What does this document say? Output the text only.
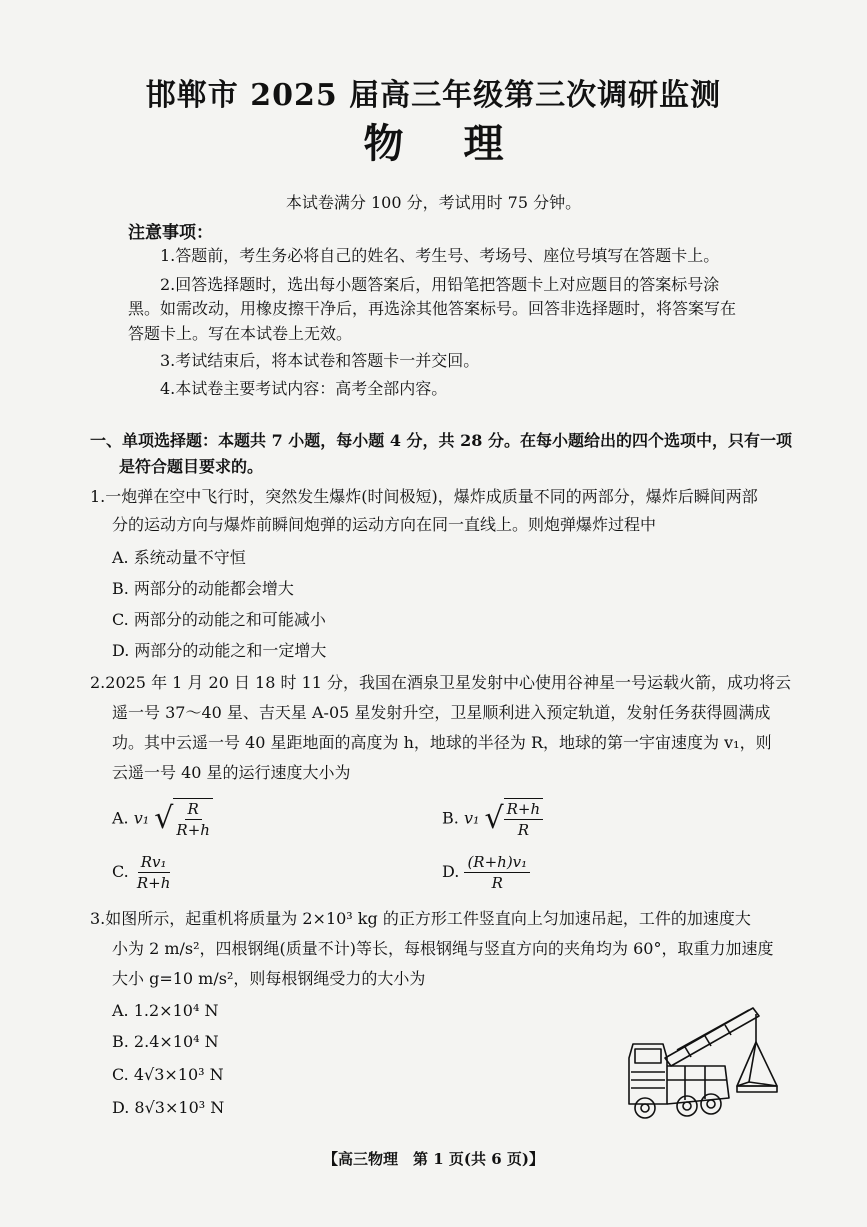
邯郸市 2025 届高三年级第三次调研监测
物理
本试卷满分 100 分，考试用时 75 分钟。
注意事项：
1.答题前，考生务必将自己的姓名、考生号、考场号、座位号填写在答题卡上。
2.回答选择题时，选出每小题答案后，用铅笔把答题卡上对应题目的答案标号涂
黑。如需改动，用橡皮擦干净后，再选涂其他答案标号。回答非选择题时，将答案写在
答题卡上。写在本试卷上无效。
3.考试结束后，将本试卷和答题卡一并交回。
4.本试卷主要考试内容：高考全部内容。
一、单项选择题：本题共 7 小题，每小题 4 分，共 28 分。在每小题给出的四个选项中，只有一项
是符合题目要求的。
1.一炮弹在空中飞行时，突然发生爆炸(时间极短)，爆炸成质量不同的两部分，爆炸后瞬间两部
分的运动方向与爆炸前瞬间炮弹的运动方向在同一直线上。则炮弹爆炸过程中
A. 系统动量不守恒
B. 两部分的动能都会增大
C. 两部分的动能之和可能减小
D. 两部分的动能之和一定增大
2.2025 年 1 月 20 日 18 时 11 分，我国在酒泉卫星发射中心使用谷神星一号运载火箭，成功将云
遥一号 37～40 星、吉天星 A-05 星发射升空，卫星顺利进入预定轨道，发射任务获得圆满成
功。其中云遥一号 40 星距地面的高度为 h，地球的半径为 R，地球的第一宇宙速度为 v₁，则
云遥一号 40 星的运行速度大小为
A. v₁ √ $\frac{R}{R+h}$	B. v₁ √ $\frac{R+h}{R}$
C. $\frac{\text{Rv₁}}{R+h}$	D. $\frac{\text{(R+h)v₁}}{R}$
3.如图所示，起重机将质量为 2×10³ kg 的正方形工件竖直向上匀加速吊起，工件的加速度大
小为 2 m/s²，四根钢绳(质量不计)等长，每根钢绳与竖直方向的夹角均为 60°，取重力加速度
大小 g=10 m/s²，则每根钢绳受力的大小为
A. 1.2×10⁴ N
B. 2.4×10⁴ N
C. 4√3×10³ N
D. 8√3×10³ N
【高三物理　第 1 页(共 6 页)】
